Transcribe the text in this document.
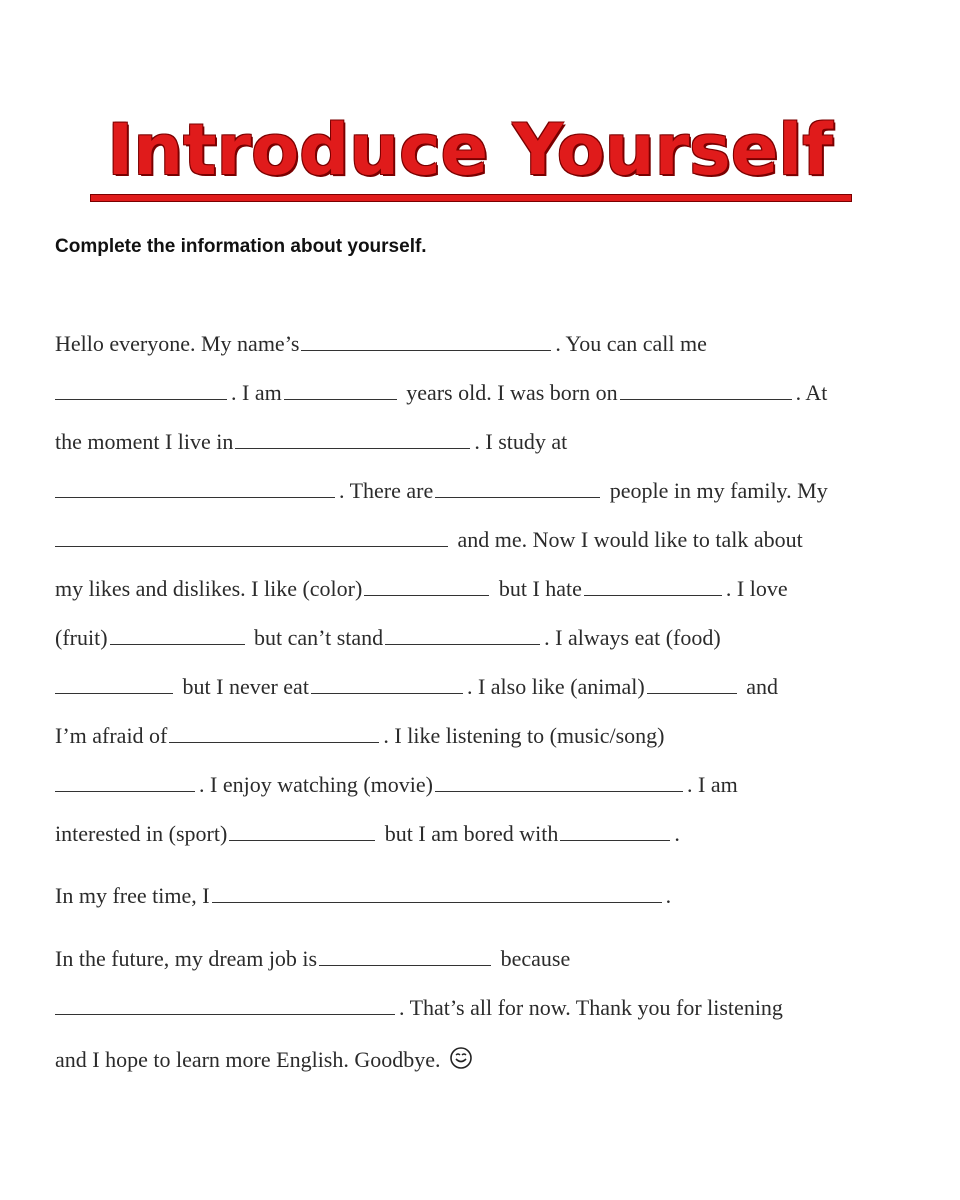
Introduce Yourself
Complete the information about yourself.
Hello everyone. My name’s	. You can call me
. I am	years old. I was born on	. At
the moment I live in	. I study at
. There are	people in my family. My
and me. Now I would like to talk about
my likes and dislikes. I like (color)	but I hate	. I love
(fruit)	but can’t stand	. I always eat (food)
but I never eat	. I also like (animal)	and
I’m afraid of	. I like listening to (music/song)
. I enjoy watching (movie)	. I am
interested in (sport)	but I am bored with	.
In my free time, I	.
In the future, my dream job is	because
. That’s all for now. Thank you for listening
and I hope to learn more English. Goodbye.
